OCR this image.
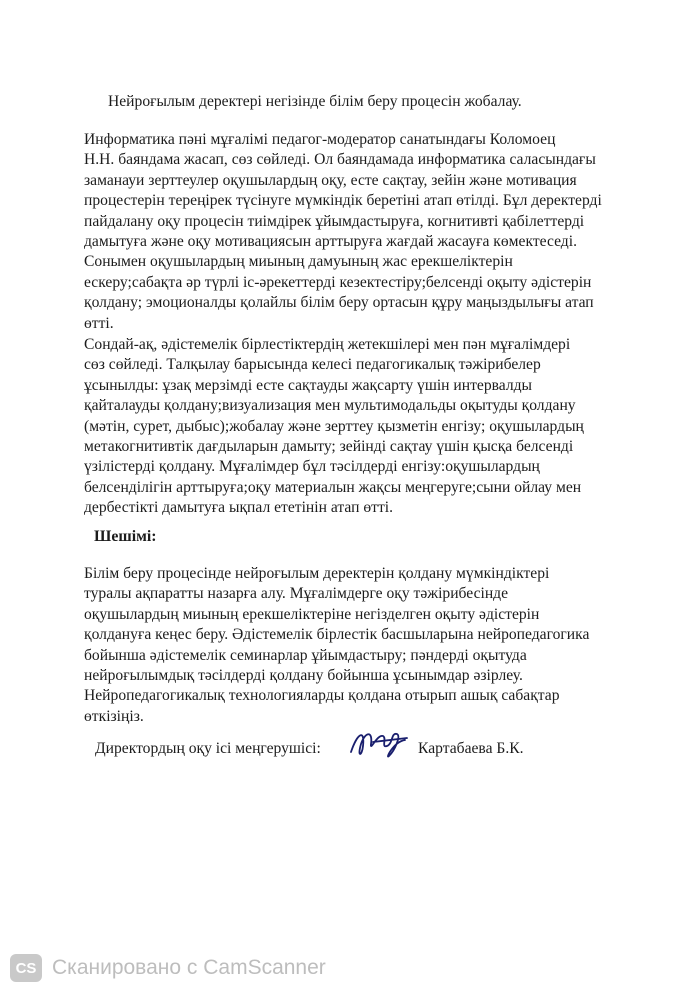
Нейроғылым деректері негізінде білім беру процесін жобалау.

Информатика пәні мұғалімі педагог-модератор санатындағы Коломоец
Н.Н. баяндама жасап, сөз сөйледі. Ол баяндамада информатика саласындағы
заманауи зерттеулер оқушылардың оқу, есте сақтау, зейін және мотивация
процестерін тереңірек түсінуге мүмкіндік беретіні атап өтілді. Бұл деректерді
пайдалану оқу процесін тиімдірек ұйымдастыруға, когнитивті қабілеттерді
дамытуға және оқу мотивациясын арттыруға жағдай жасауға көмектеседі.
Сонымен оқушылардың миының дамуының жас ерекшеліктерін
ескеру;сабақта әр түрлі іс-әрекеттерді кезектестіру;белсенді оқыту әдістерін
қолдану; эмоционалды қолайлы білім беру ортасын құру маңыздылығы атап
өтті.

Сондай-ақ, әдістемелік бірлестіктердің жетекшілері мен пән мұғалімдері
сөз сөйледі. Талқылау барысында келесі педагогикалық тәжірибелер
ұсынылды: ұзақ мерзімді есте сақтауды жақсарту үшін интервалды
қайталауды қолдану;визуализация мен мультимодальды оқытуды қолдану
(мәтін, сурет, дыбыс);жобалау және зерттеу қызметін енгізу; оқушылардың
метакогнитивтік дағдыларын дамыту; зейінді сақтау үшін қысқа белсенді
үзілістерді қолдану. Мұғалімдер бұл тәсілдерді енгізу:оқушылардың
белсенділігін арттыруға;оқу материалын жақсы меңгеруге;сыни ойлау мен
дербестікті дамытуға ықпал ететінін атап өтті.

Шешімі:

Білім беру процесінде нейроғылым деректерін қолдану мүмкіндіктері
туралы ақпаратты назарға алу. Мұғалімдерге оқу тәжірибесінде
оқушылардың миының ерекшеліктеріне негізделген оқыту әдістерін
қолдануға кеңес беру. Әдістемелік бірлестік басшыларына нейропедагогика
бойынша әдістемелік семинарлар ұйымдастыру; пәндерді оқытуда
нейроғылымдық тәсілдерді қолдану бойынша ұсынымдар әзірлеу.
Нейропедагогикалық технологияларды қолдана отырып ашық сабақтар
өткізіңіз.

Директордың оқу ісі меңгерушісі:	Картабаева Б.К.
CS Сканировано с CamScanner
